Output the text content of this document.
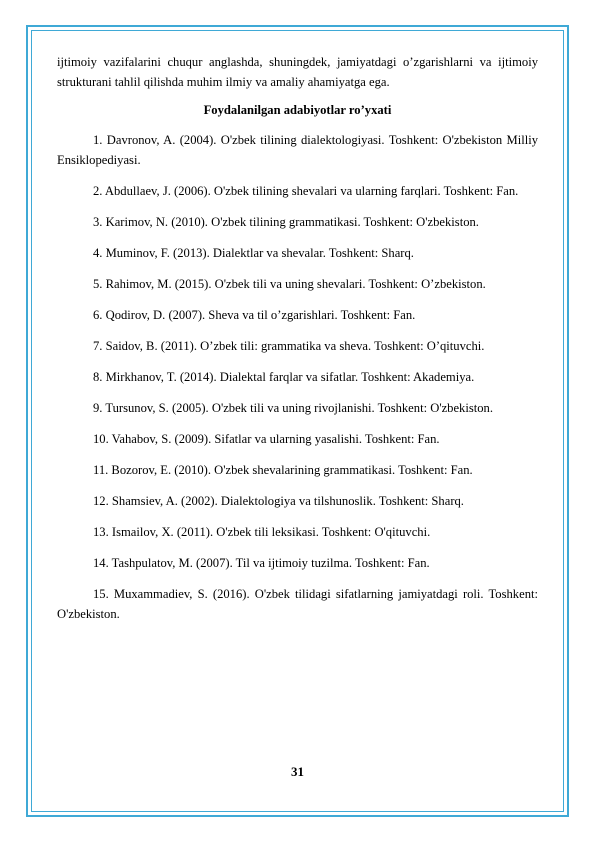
ijtimoiy vazifalarini chuqur anglashda, shuningdek, jamiyatdagi o’zgarishlarni va ijtimoiy strukturani tahlil qilishda muhim ilmiy va amaliy ahamiyatga ega.

Foydalanilgan adabiyotlar ro’yxati

1. Davronov, A. (2004). O'zbek tilining dialektologiyasi. Toshkent: O'zbekiston Milliy Ensiklopediyasi.

2. Abdullaev, J. (2006). O'zbek tilining shevalari va ularning farqlari. Toshkent: Fan.

3. Karimov, N. (2010). O'zbek tilining grammatikasi. Toshkent: O'zbekiston.

4. Muminov, F. (2013). Dialektlar va shevalar. Toshkent: Sharq.

5. Rahimov, M. (2015). O'zbek tili va uning shevalari. Toshkent: O’zbekiston.

6. Qodirov, D. (2007). Sheva va til o’zgarishlari. Toshkent: Fan.

7. Saidov, B. (2011). O’zbek tili: grammatika va sheva. Toshkent: O’qituvchi.

8. Mirkhanov, T. (2014). Dialektal farqlar va sifatlar. Toshkent: Akademiya.

9. Tursunov, S. (2005). O'zbek tili va uning rivojlanishi. Toshkent: O'zbekiston.

10. Vahabov, S. (2009). Sifatlar va ularning yasalishi. Toshkent: Fan.

11. Bozorov, E. (2010). O'zbek shevalarining grammatikasi. Toshkent: Fan.

12. Shamsiev, A. (2002). Dialektologiya va tilshunoslik. Toshkent: Sharq.

13. Ismailov, X. (2011). O'zbek tili leksikasi. Toshkent: O'qituvchi.

14. Tashpulatov, M. (2007). Til va ijtimoiy tuzilma. Toshkent: Fan.

15. Muxammadiev, S. (2016). O'zbek tilidagi sifatlarning jamiyatdagi roli. Toshkent: O'zbekiston.

31
